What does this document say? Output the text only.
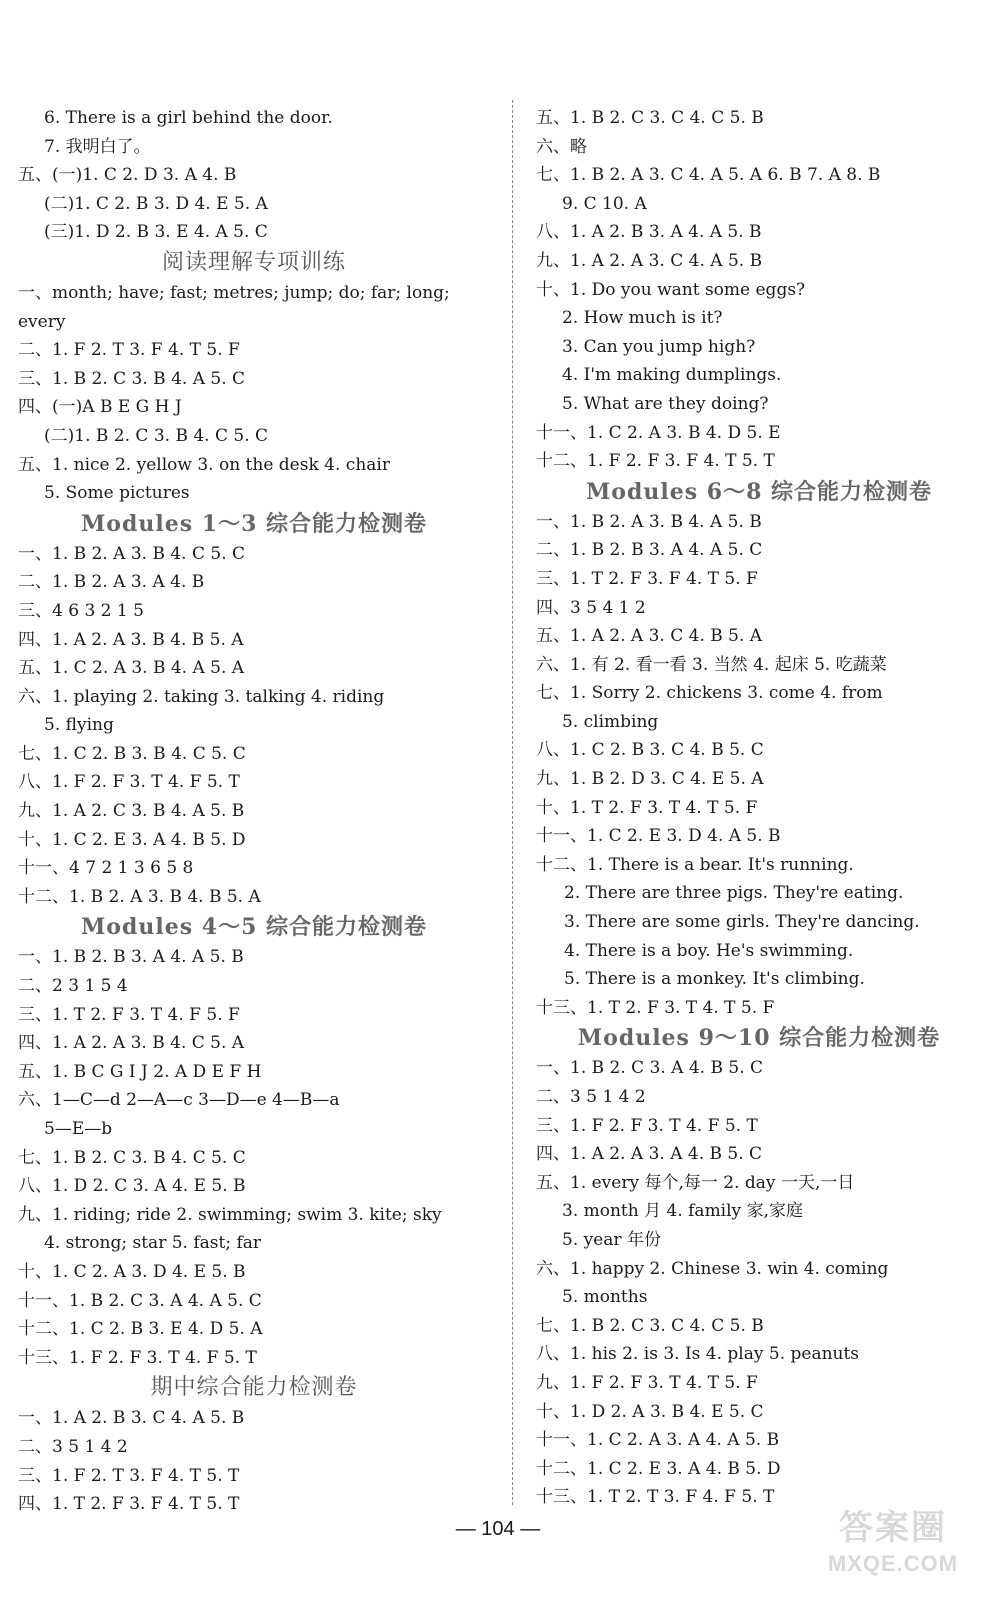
6. There is a girl behind the door.
7. 我明白了。
五、(一)1. C 2. D 3. A 4. B
(二)1. C 2. B 3. D 4. E 5. A
(三)1. D 2. B 3. E 4. A 5. C
阅读理解专项训练
一、month; have; fast; metres; jump; do; far; long;
every
二、1. F 2. T 3. F 4. T 5. F
三、1. B 2. C 3. B 4. A 5. C
四、(一)A B E G H J
(二)1. B 2. C 3. B 4. C 5. C
五、1. nice 2. yellow 3. on the desk 4. chair
5. Some pictures
Modules 1～3 综合能力检测卷
一、1. B 2. A 3. B 4. C 5. C
二、1. B 2. A 3. A 4. B
三、4 6 3 2 1 5
四、1. A 2. A 3. B 4. B 5. A
五、1. C 2. A 3. B 4. A 5. A
六、1. playing 2. taking 3. talking 4. riding
5. flying
七、1. C 2. B 3. B 4. C 5. C
八、1. F 2. F 3. T 4. F 5. T
九、1. A 2. C 3. B 4. A 5. B
十、1. C 2. E 3. A 4. B 5. D
十一、4 7 2 1 3 6 5 8
十二、1. B 2. A 3. B 4. B 5. A
Modules 4～5 综合能力检测卷
一、1. B 2. B 3. A 4. A 5. B
二、2 3 1 5 4
三、1. T 2. F 3. T 4. F 5. F
四、1. A 2. A 3. B 4. C 5. A
五、1. B C G I J 2. A D E F H
六、1—C—d 2—A—c 3—D—e 4—B—a
5—E—b
七、1. B 2. C 3. B 4. C 5. C
八、1. D 2. C 3. A 4. E 5. B
九、1. riding; ride 2. swimming; swim 3. kite; sky
4. strong; star 5. fast; far
十、1. C 2. A 3. D 4. E 5. B
十一、1. B 2. C 3. A 4. A 5. C
十二、1. C 2. B 3. E 4. D 5. A
十三、1. F 2. F 3. T 4. F 5. T
期中综合能力检测卷
一、1. A 2. B 3. C 4. A 5. B
二、3 5 1 4 2
三、1. F 2. T 3. F 4. T 5. T
四、1. T 2. F 3. F 4. T 5. T
五、1. B 2. C 3. C 4. C 5. B
六、略
七、1. B 2. A 3. C 4. A 5. A 6. B 7. A 8. B
9. C 10. A
八、1. A 2. B 3. A 4. A 5. B
九、1. A 2. A 3. C 4. A 5. B
十、1. Do you want some eggs?
2. How much is it?
3. Can you jump high?
4. I'm making dumplings.
5. What are they doing?
十一、1. C 2. A 3. B 4. D 5. E
十二、1. F 2. F 3. F 4. T 5. T
Modules 6～8 综合能力检测卷
一、1. B 2. A 3. B 4. A 5. B
二、1. B 2. B 3. A 4. A 5. C
三、1. T 2. F 3. F 4. T 5. F
四、3 5 4 1 2
五、1. A 2. A 3. C 4. B 5. A
六、1. 有 2. 看一看 3. 当然 4. 起床 5. 吃蔬菜
七、1. Sorry 2. chickens 3. come 4. from
5. climbing
八、1. C 2. B 3. C 4. B 5. C
九、1. B 2. D 3. C 4. E 5. A
十、1. T 2. F 3. T 4. T 5. F
十一、1. C 2. E 3. D 4. A 5. B
十二、1. There is a bear. It's running.
2. There are three pigs. They're eating.
3. There are some girls. They're dancing.
4. There is a boy. He's swimming.
5. There is a monkey. It's climbing.
十三、1. T 2. F 3. T 4. T 5. F
Modules 9～10 综合能力检测卷
一、1. B 2. C 3. A 4. B 5. C
二、3 5 1 4 2
三、1. F 2. F 3. T 4. F 5. T
四、1. A 2. A 3. A 4. B 5. C
五、1. every 每个,每一 2. day 一天,一日
3. month 月 4. family 家,家庭
5. year 年份
六、1. happy 2. Chinese 3. win 4. coming
5. months
七、1. B 2. C 3. C 4. C 5. B
八、1. his 2. is 3. Is 4. play 5. peanuts
九、1. F 2. F 3. T 4. T 5. F
十、1. D 2. A 3. B 4. E 5. C
十一、1. C 2. A 3. A 4. A 5. B
十二、1. C 2. E 3. A 4. B 5. D
十三、1. T 2. T 3. F 4. F 5. T
— 104 —	答案圈
MXQE.COM
